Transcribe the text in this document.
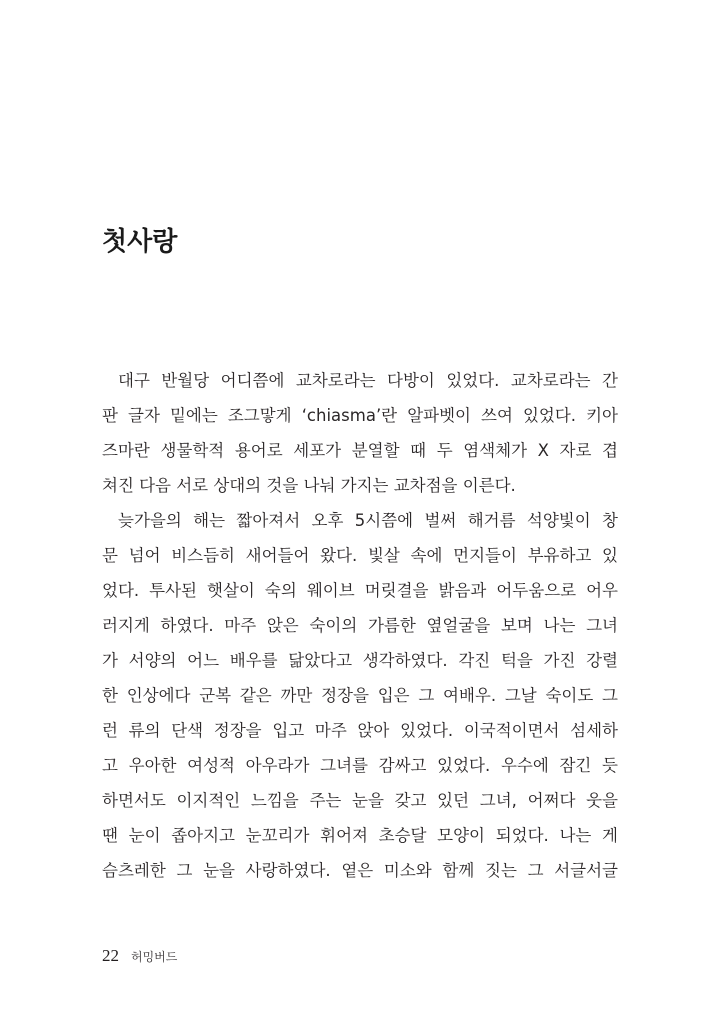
첫사랑
대구 반월당 어디쯤에 교차로라는 다방이 있었다. 교차로라는 간
판 글자 밑에는 조그맣게 ‘chiasma’란 알파벳이 쓰여 있었다. 키아
즈마란 생물학적 용어로 세포가 분열할 때 두 염색체가 X 자로 겹
쳐진 다음 서로 상대의 것을 나눠 가지는 교차점을 이른다.
늦가을의 해는 짧아져서 오후 5시쯤에 벌써 해거름 석양빛이 창
문 넘어 비스듬히 새어들어 왔다. 빛살 속에 먼지들이 부유하고 있
었다. 투사된 햇살이 숙의 웨이브 머릿결을 밝음과 어두움으로 어우
러지게 하였다. 마주 앉은 숙이의 가름한 옆얼굴을 보며 나는 그녀
가 서양의 어느 배우를 닮았다고 생각하였다. 각진 턱을 가진 강렬
한 인상에다 군복 같은 까만 정장을 입은 그 여배우. 그날 숙이도 그
런 류의 단색 정장을 입고 마주 앉아 있었다. 이국적이면서 섬세하
고 우아한 여성적 아우라가 그녀를 감싸고 있었다. 우수에 잠긴 듯
하면서도 이지적인 느낌을 주는 눈을 갖고 있던 그녀, 어쩌다 웃을
땐 눈이 좁아지고 눈꼬리가 휘어져 초승달 모양이 되었다. 나는 게
슴츠레한 그 눈을 사랑하였다. 옅은 미소와 함께 짓는 그 서글서글
22 허밍버드
